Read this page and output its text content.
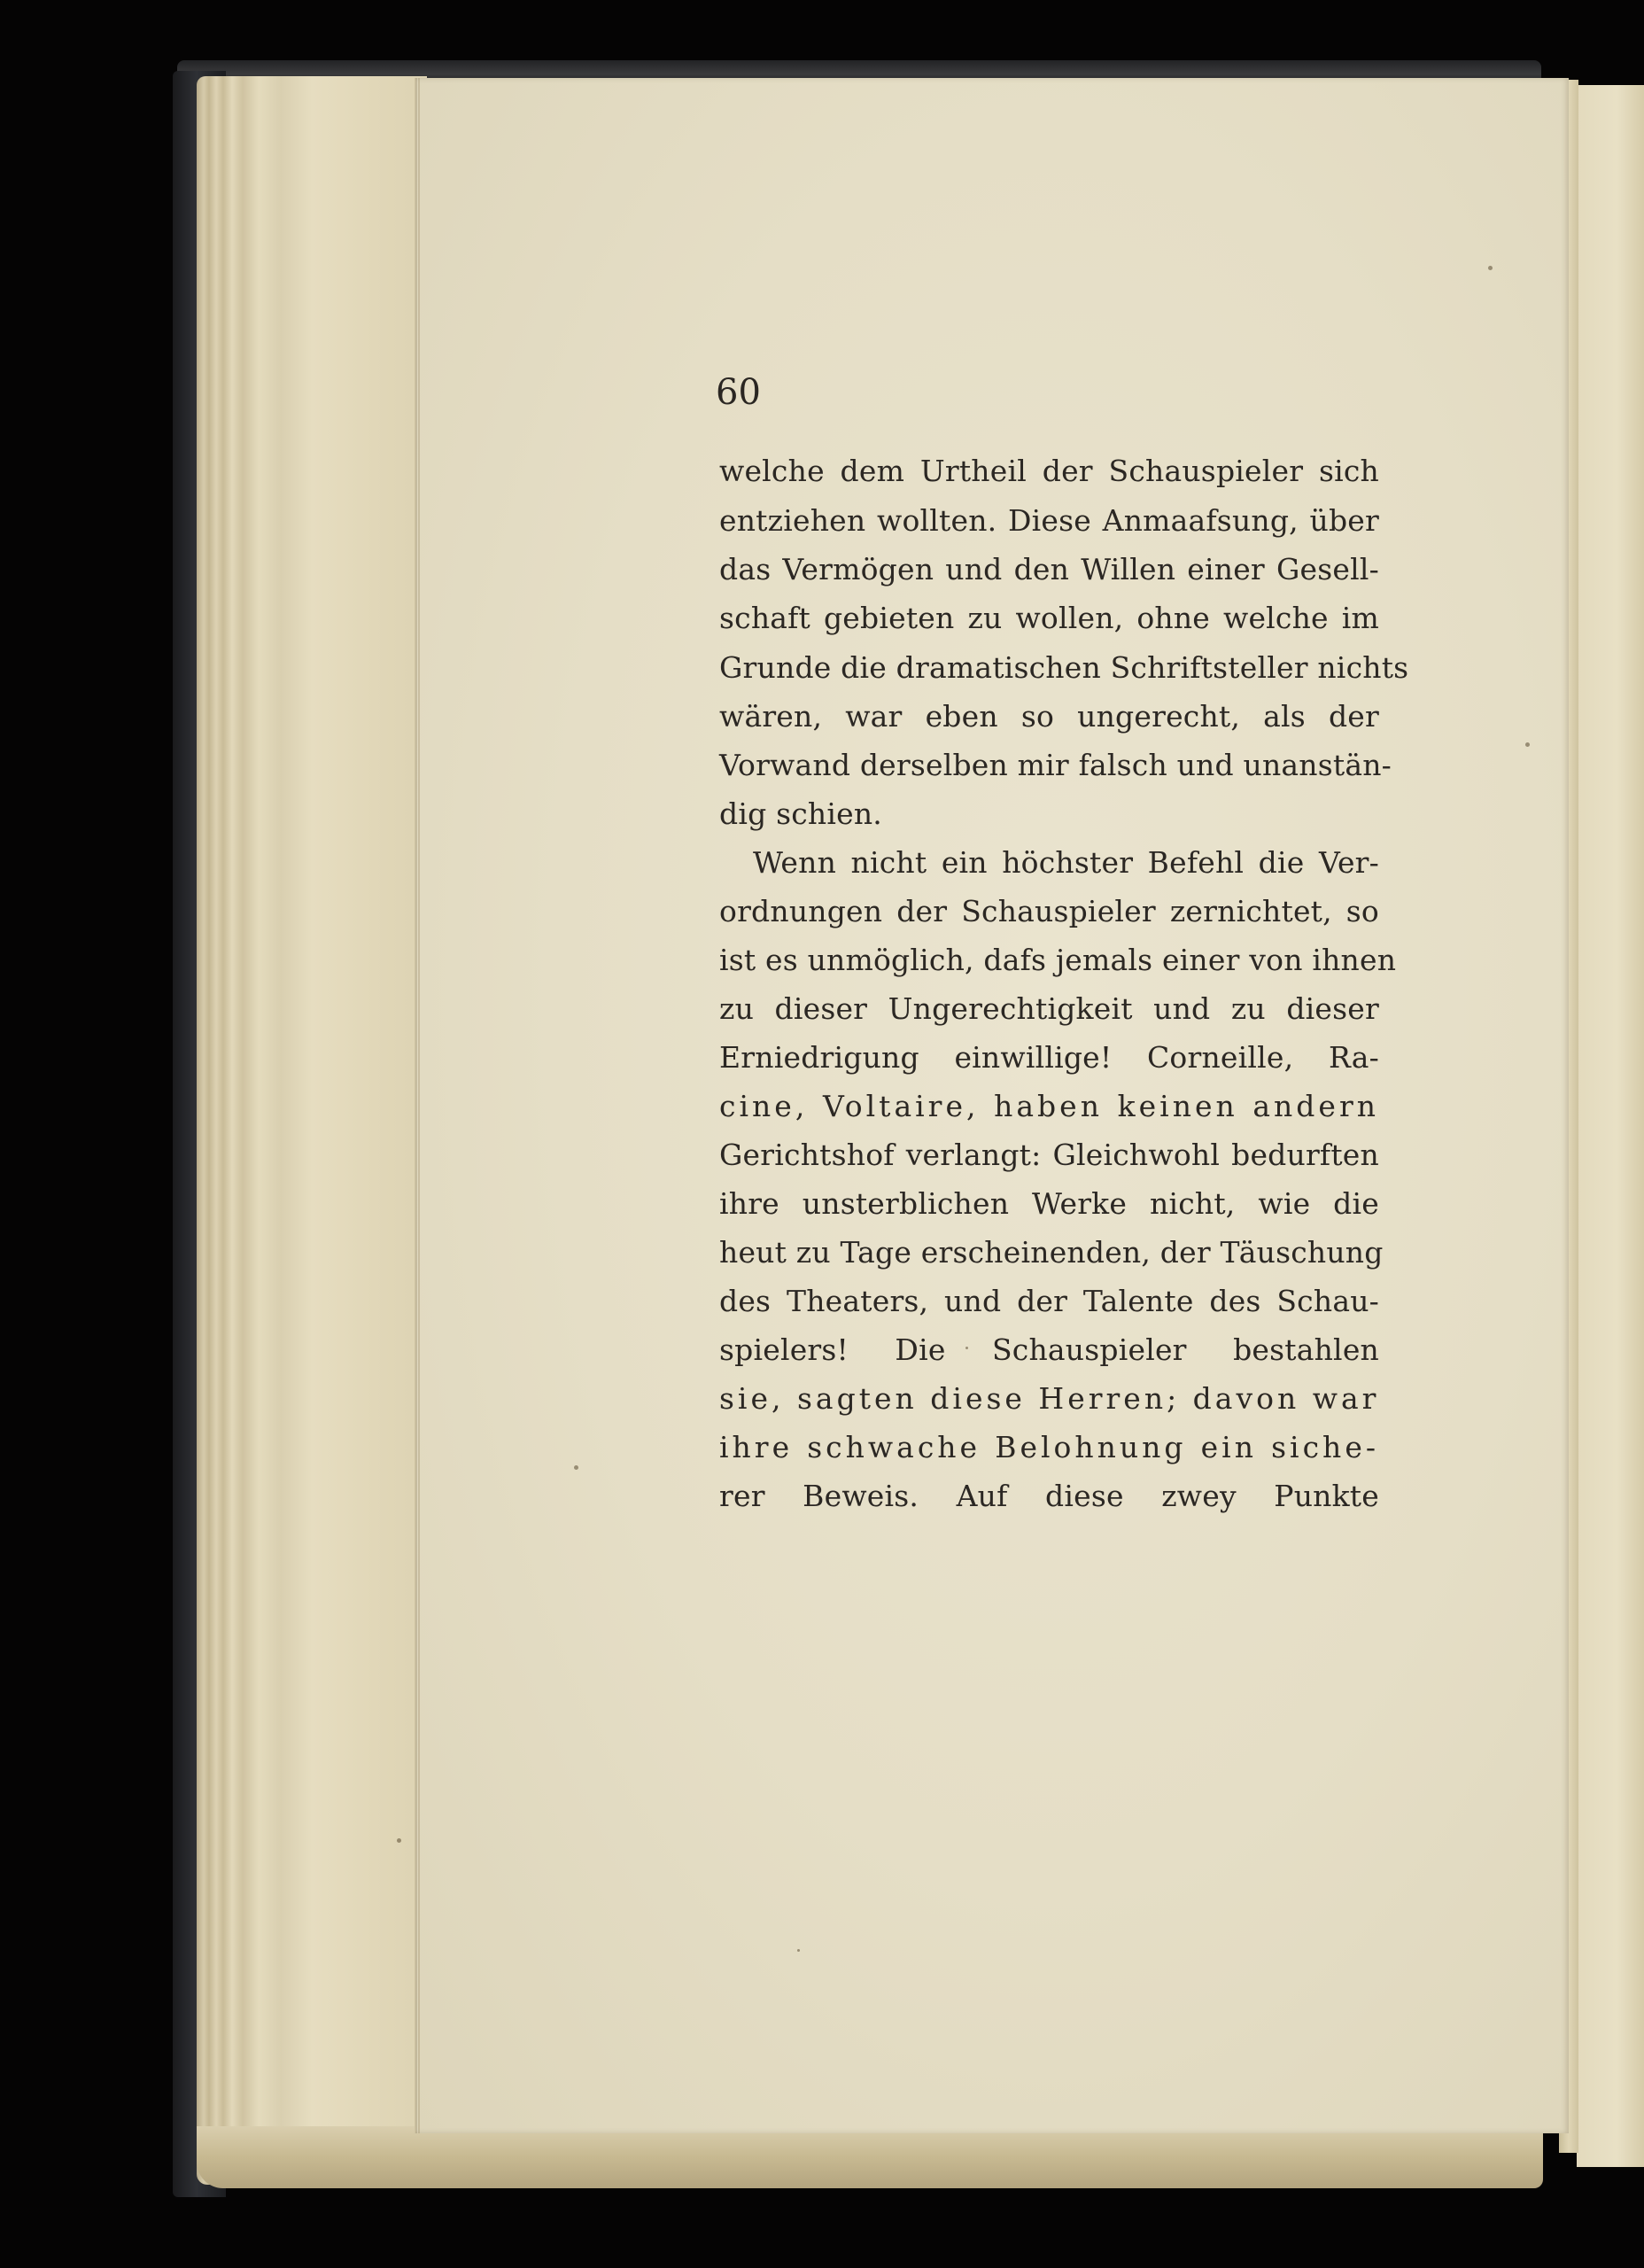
60
welche dem Urtheil der Schauspieler sich
entziehen wollten. Diese Anmaafsung, über
das Vermögen und den Willen einer Gesell-
schaft gebieten zu wollen, ohne welche im
Grunde die dramatischen Schriftsteller nichts
wären, war eben so ungerecht, als der
Vorwand derselben mir falsch und unanstän-
dig schien.
Wenn nicht ein höchster Befehl die Ver-
ordnungen der Schauspieler zernichtet, so
ist es unmöglich, dafs jemals einer von ihnen
zu dieser Ungerechtigkeit und zu dieser
Erniedrigung einwillige! Corneille, Ra-
cine, Voltaire, haben keinen andern
Gerichtshof verlangt: Gleichwohl bedurften
ihre unsterblichen Werke nicht, wie die
heut zu Tage erscheinenden, der Täuschung
des Theaters, und der Talente des Schau-
spielers! Die Schauspieler bestahlen
sie, sagten diese Herren; davon war
ihre schwache Belohnung ein siche-
rer Beweis. Auf diese zwey Punkte
